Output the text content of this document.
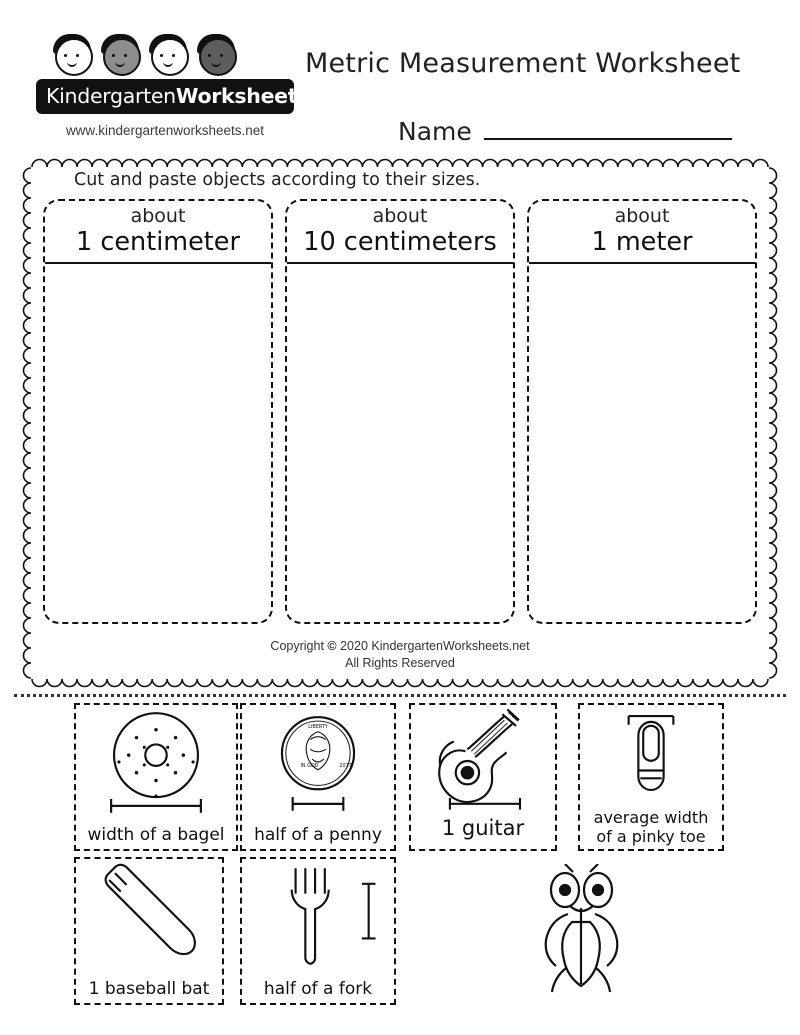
KindergartenWorksheets.net
www.kindergartenworksheets.net
Metric Measurement Worksheet
Name
Cut and paste objects according to their sizes.
about
1 centimeter
about
10 centimeters
about
1 meter
Copyright © 2020 KindergartenWorksheets.net
All Rights Reserved
width of a bagel
IN GOD	2017
LIBERTY
half of a penny	1 guitar	average width
of a pinky toe
1 baseball bat	half of a fork
